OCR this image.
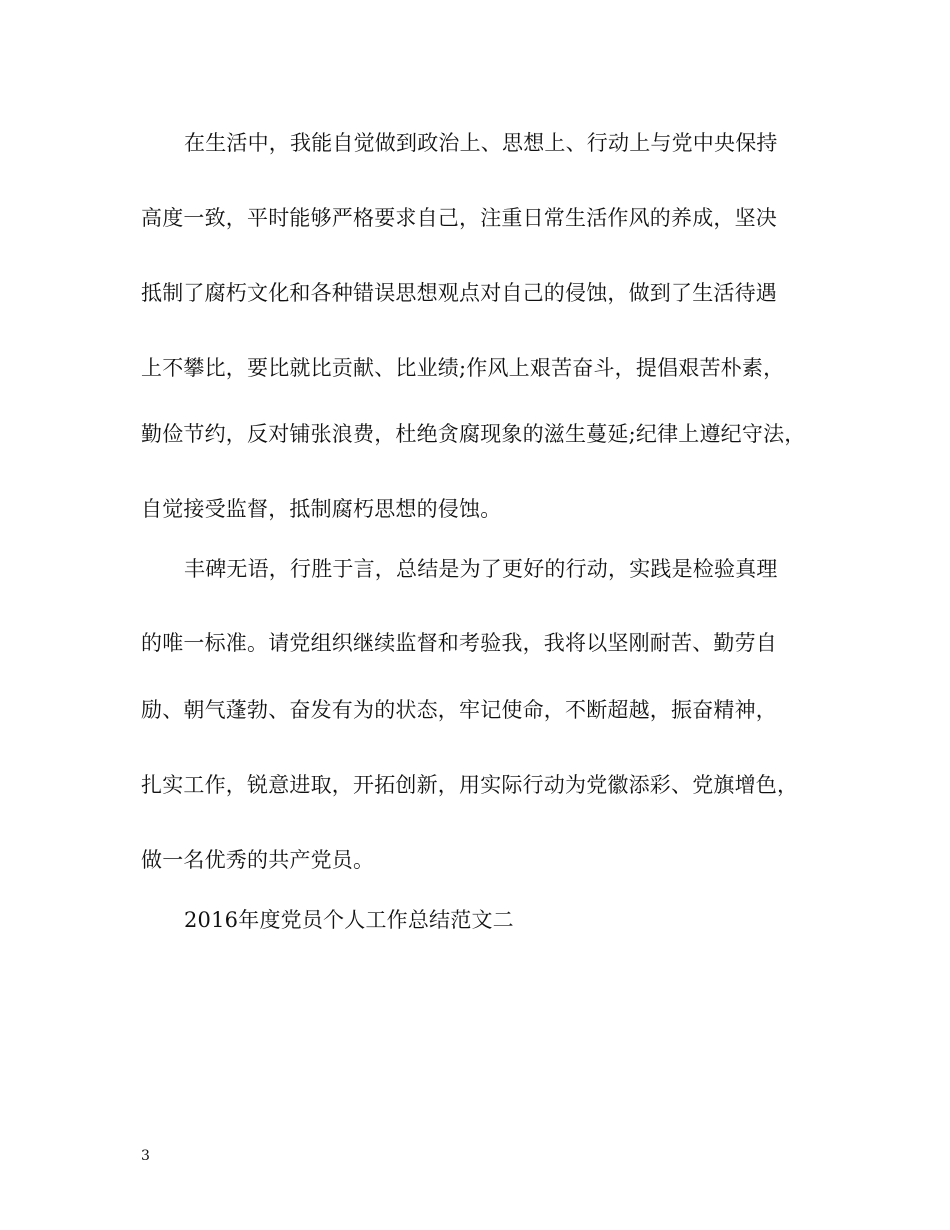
在生活中，我能自觉做到政治上、思想上、行动上与党中央保持
高度一致，平时能够严格要求自己，注重日常生活作风的养成，坚决
抵制了腐朽文化和各种错误思想观点对自己的侵蚀，做到了生活待遇
上不攀比，要比就比贡献、比业绩;作风上艰苦奋斗，提倡艰苦朴素，
勤俭节约，反对铺张浪费，杜绝贪腐现象的滋生蔓延;纪律上遵纪守法，
自觉接受监督，抵制腐朽思想的侵蚀。
丰碑无语，行胜于言，总结是为了更好的行动，实践是检验真理
的唯一标准。请党组织继续监督和考验我，我将以坚刚耐苦、勤劳自
励、朝气蓬勃、奋发有为的状态，牢记使命，不断超越，振奋精神，
扎实工作，锐意进取，开拓创新，用实际行动为党徽添彩、党旗增色，
做一名优秀的共产党员。
2016年度党员个人工作总结范文二
3
